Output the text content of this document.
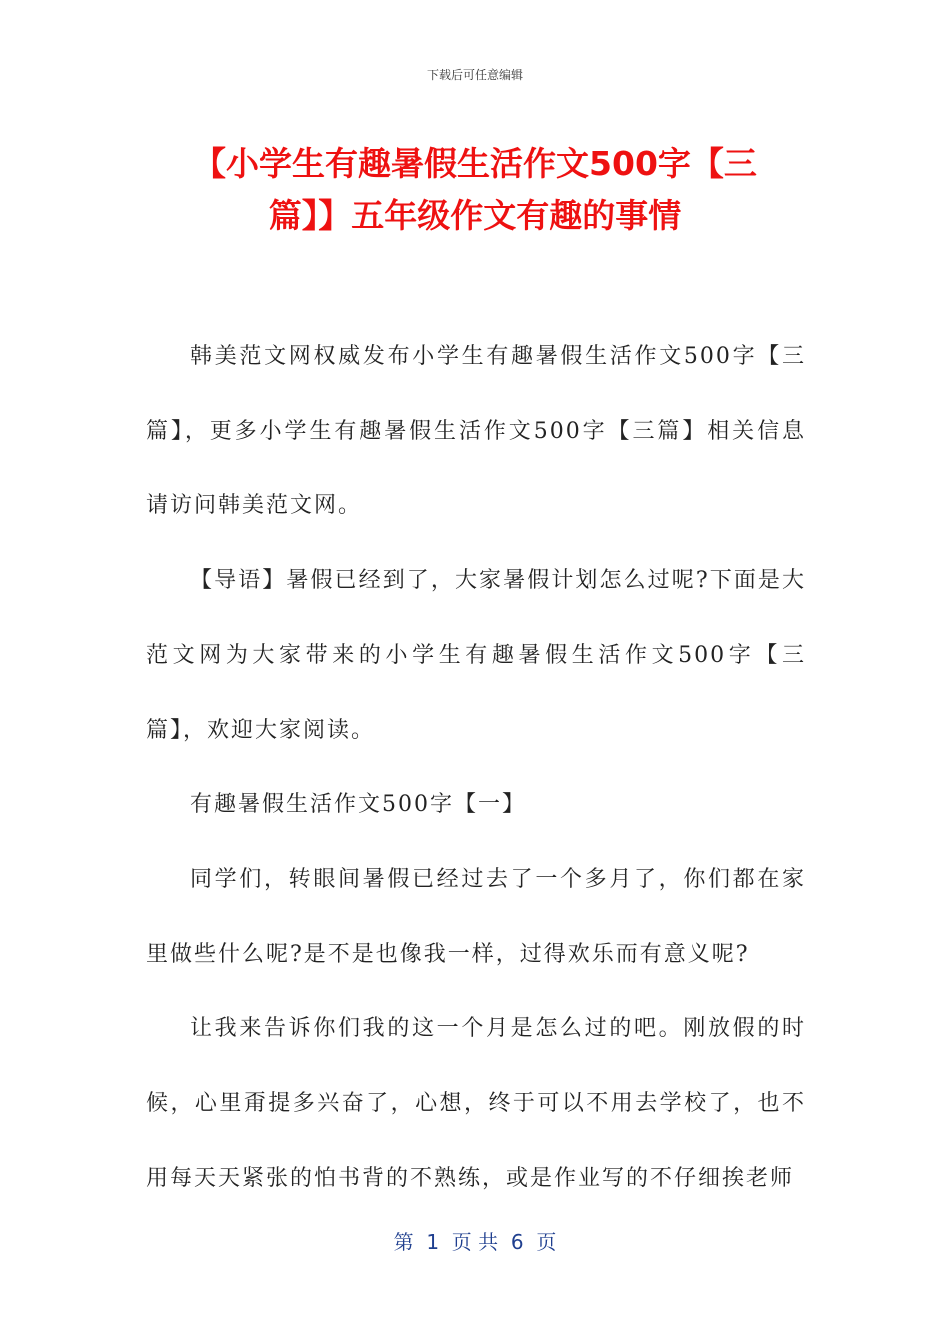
下载后可任意编辑
【小学生有趣暑假生活作文500字【三
篇】】五年级作文有趣的事情

韩美范文网权威发布小学生有趣暑假生活作文500字【三篇】，更多小学生有趣暑假生活作文500字【三篇】相关信息请访问韩美范文网。

【导语】暑假已经到了，大家暑假计划怎么过呢?下面是大范文网为大家带来的小学生有趣暑假生活作文500字【三篇】，欢迎大家阅读。

有趣暑假生活作文500字【一】

同学们，转眼间暑假已经过去了一个多月了，你们都在家里做些什么呢?是不是也像我一样，过得欢乐而有意义呢?

让我来告诉你们我的这一个月是怎么过的吧。刚放假的时候，心里甭提多兴奋了，心想，终于可以不用去学校了，也不用每天天紧张的怕书背的不熟练，或是作业写的不仔细挨老师

第  1  页 共  6  页
